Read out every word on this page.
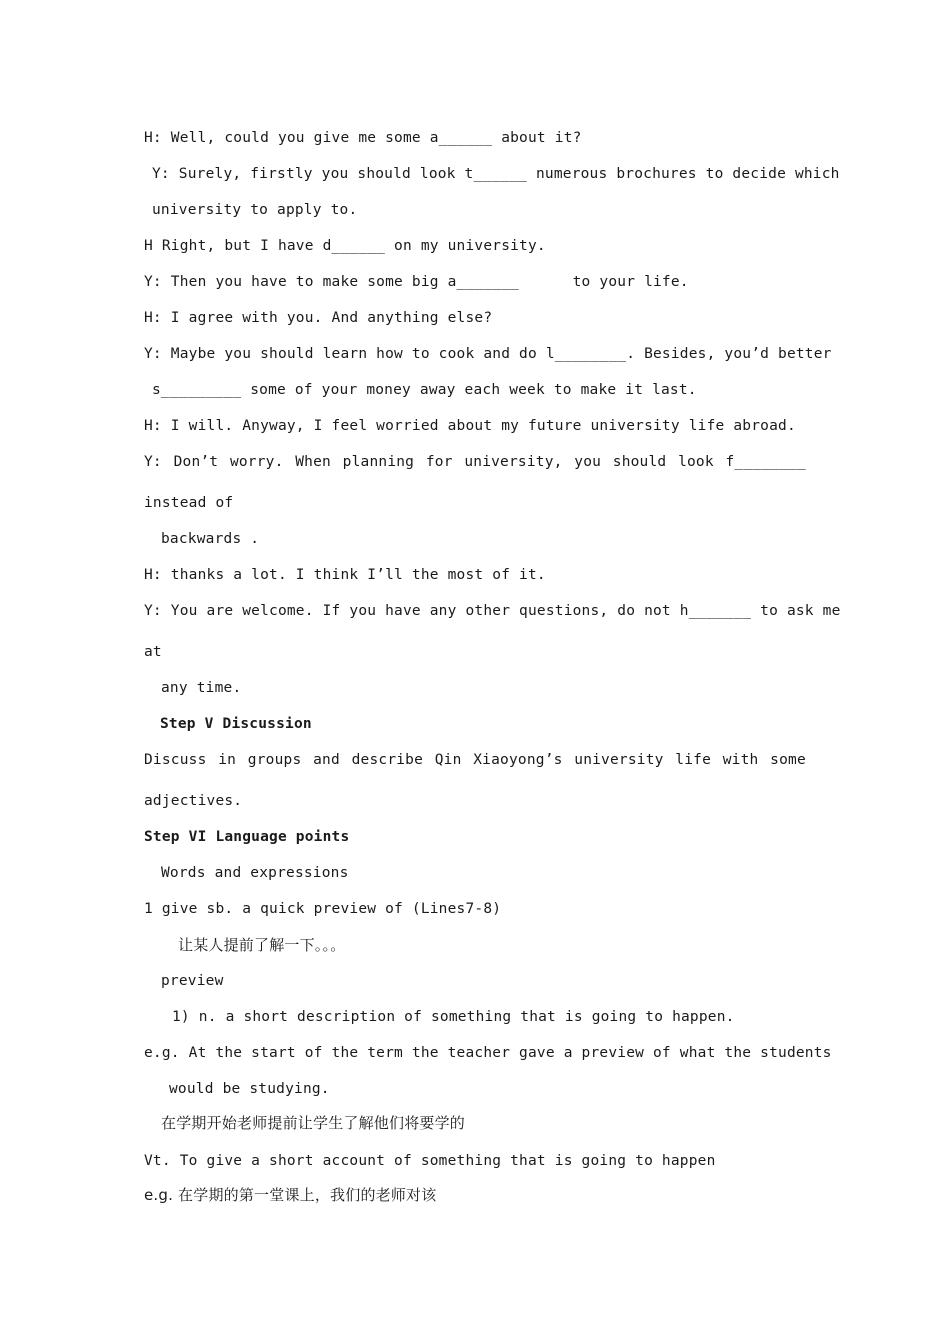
H: Well, could you give me some a______ about it?
Y: Surely, firstly you should look t______ numerous brochures to decide which
university to apply to.
H Right, but I have d______ on my university.
Y: Then you have to make some big a_______      to your life.
H: I agree with you. And anything else?
Y: Maybe you should learn how to cook and do l________. Besides, you’d better
s_________ some of your money away each week to make it last.
H: I will. Anyway, I feel worried about my future university life abroad.
Y: Don’t worry. When planning for university, you should look f________
instead of
backwards .
H: thanks a lot. I think I’ll the most of it.
Y: You are welcome. If you have any other questions, do not h_______ to ask me
at
any time.
Step V Discussion
Discuss in groups and describe Qin Xiaoyong’s university life with some
adjectives.
Step VI Language points
Words and expressions
1 give sb. a quick preview of (Lines7-8)
让某人提前了解一下。。。
preview
1) n. a short description of something that is going to happen.
e.g. At the start of the term the teacher gave a preview of what the students
would be studying.
在学期开始老师提前让学生了解他们将要学的
Vt. To give a short account of something that is going to happen
e.g. 在学期的第一堂课上，我们的老师对该
